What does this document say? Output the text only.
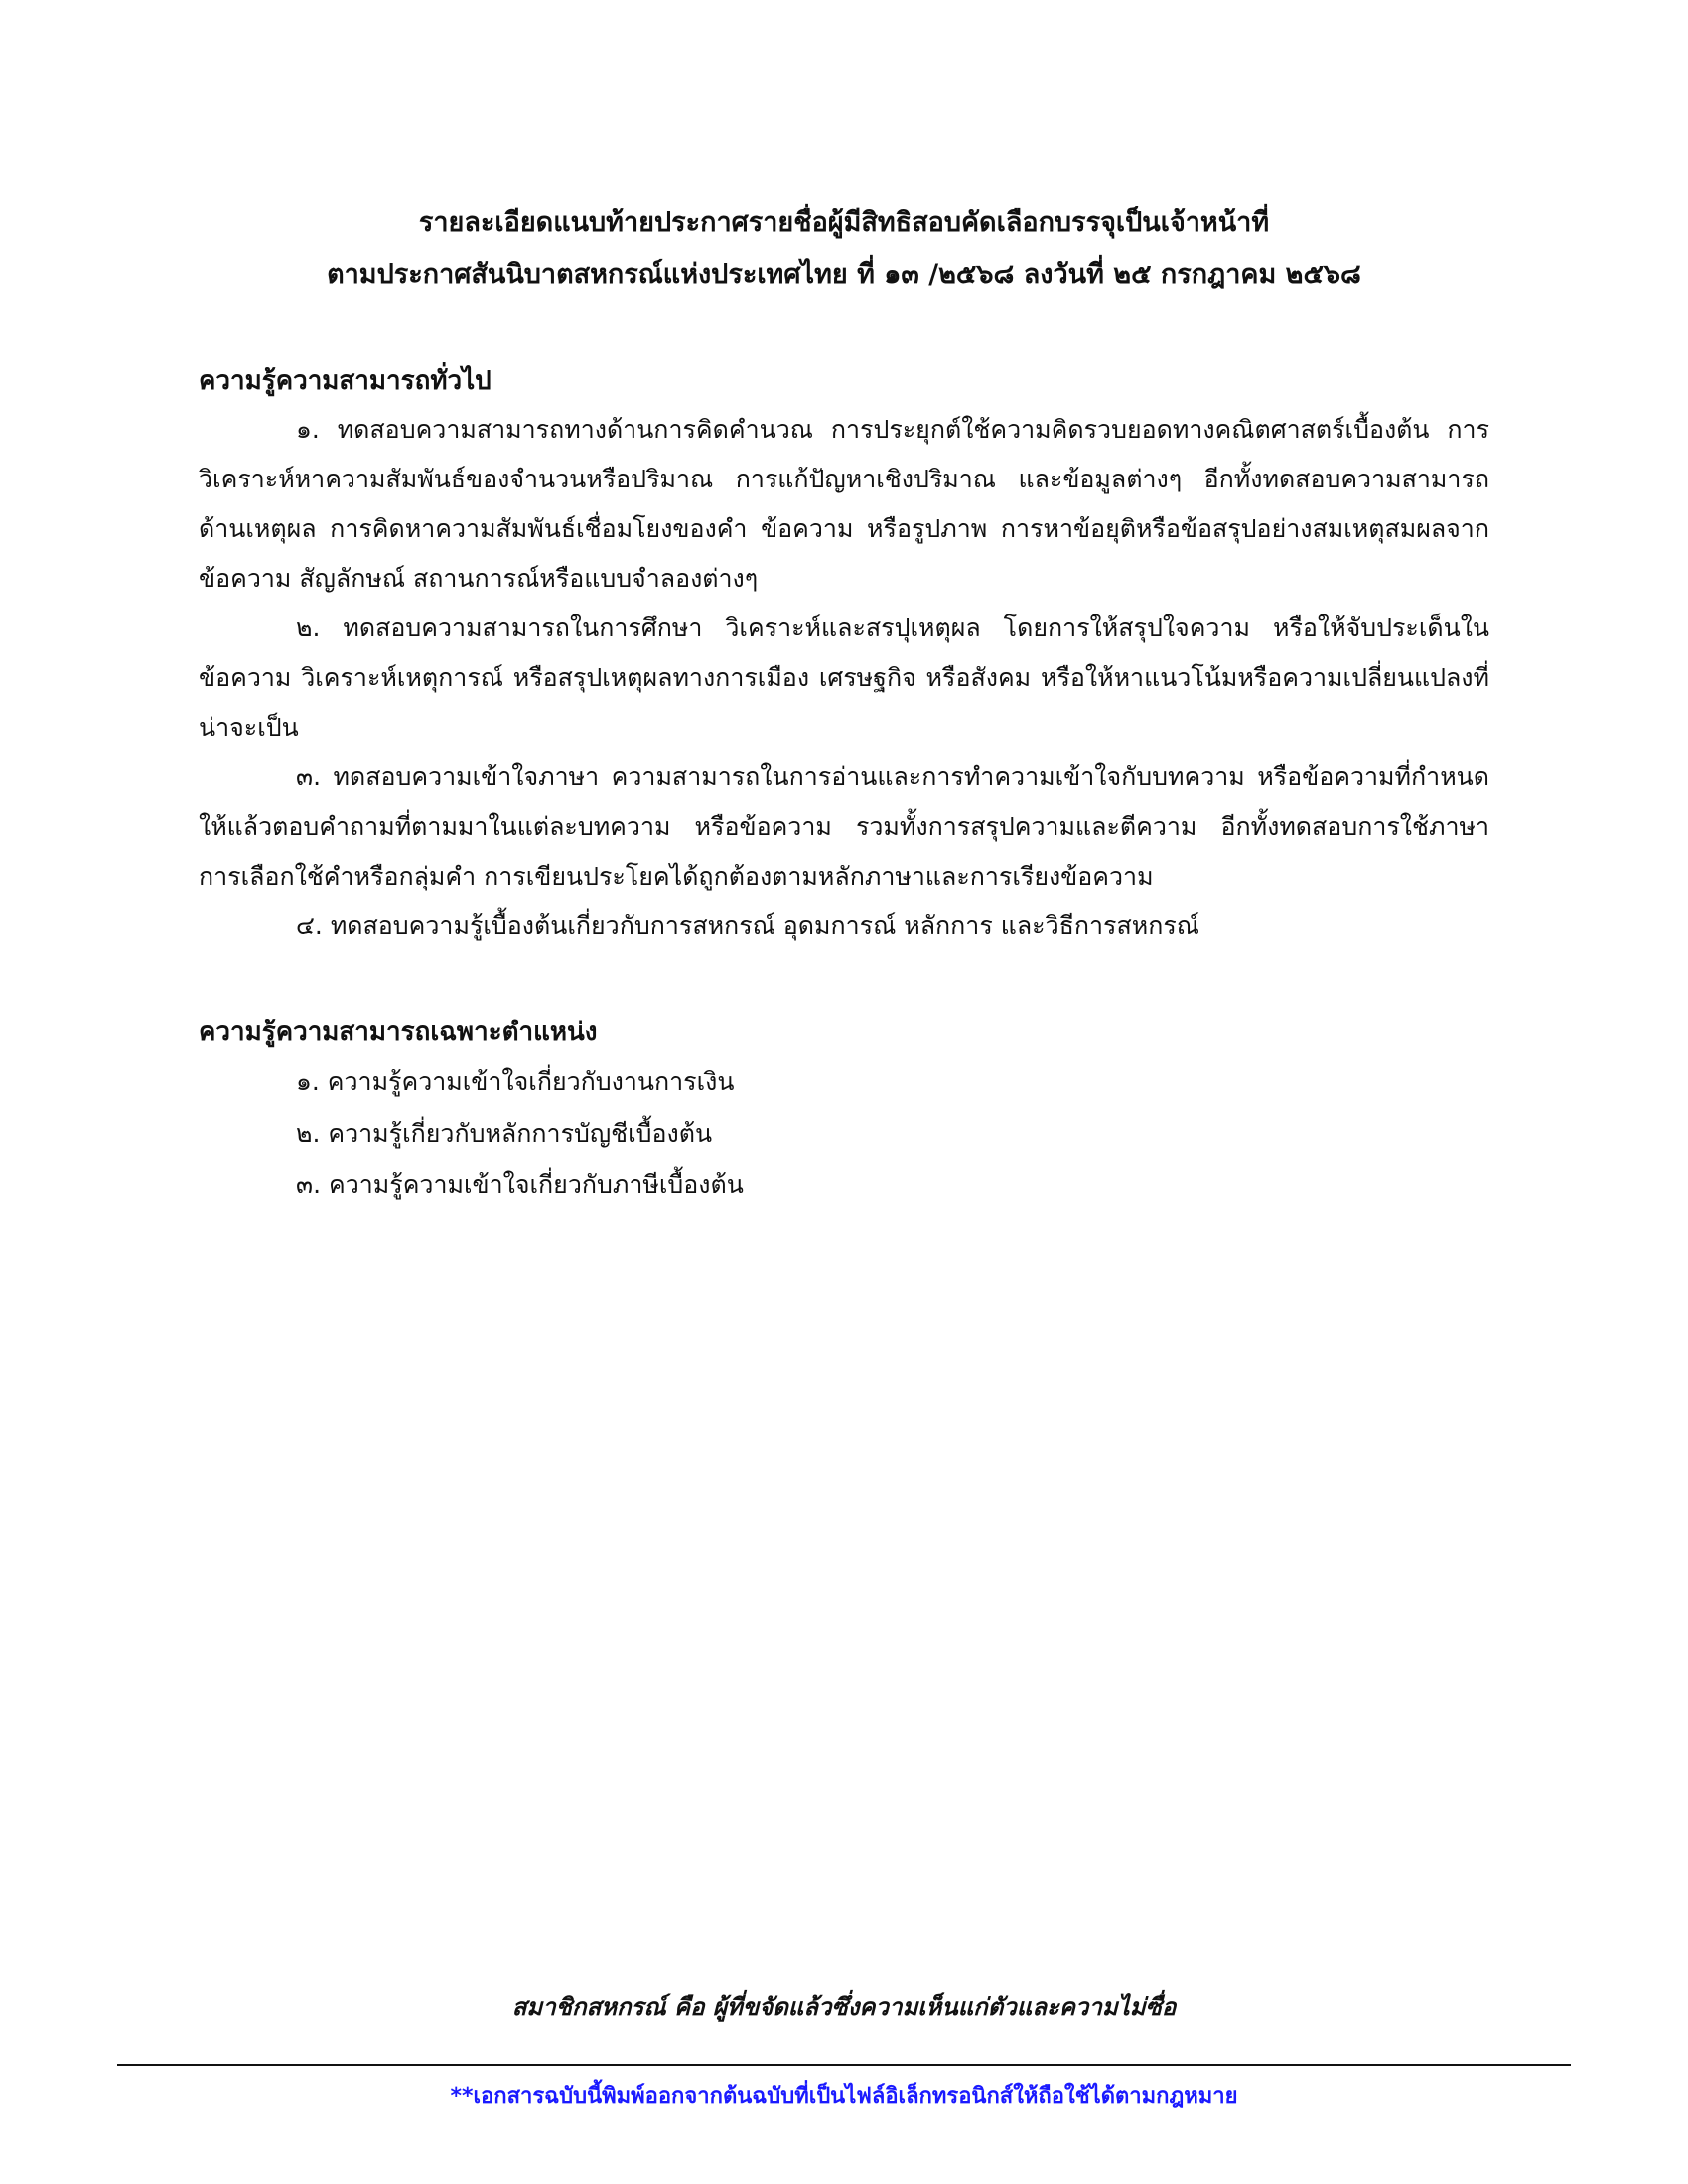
รายละเอียดแนบท้ายประกาศรายชื่อผู้มีสิทธิสอบคัดเลือกบรรจุเป็นเจ้าหน้าที่
ตามประกาศสันนิบาตสหกรณ์แห่งประเทศไทย ที่ ๑๓ /๒๕๖๘ ลงวันที่ ๒๕ กรกฎาคม ๒๕๖๘
ความรู้ความสามารถทั่วไป

๑. ทดสอบความสามารถทางด้านการคิดคำนวณ การประยุกต์ใช้ความคิดรวบยอดทางคณิตศาสตร์เบื้องต้น การวิเคราะห์หาความสัมพันธ์ของจำนวนหรือปริมาณ การแก้ปัญหาเชิงปริมาณ และข้อมูลต่างๆ อีกทั้งทดสอบความสามารถด้านเหตุผล การคิดหาความสัมพันธ์เชื่อมโยงของคำ ข้อความ หรือรูปภาพ การหาข้อยุติหรือข้อสรุปอย่างสมเหตุสมผลจากข้อความ สัญลักษณ์ สถานการณ์หรือแบบจำลองต่างๆ

๒. ทดสอบความสามารถในการศึกษา วิเคราะห์และสรปุเหตุผล โดยการให้สรุปใจความ หรือให้จับประเด็นในข้อความ วิเคราะห์เหตุการณ์ หรือสรุปเหตุผลทางการเมือง เศรษฐกิจ หรือสังคม หรือให้หาแนวโน้มหรือความเปลี่ยนแปลงที่น่าจะเป็น

๓. ทดสอบความเข้าใจภาษา ความสามารถในการอ่านและการทำความเข้าใจกับบทความ หรือข้อความที่กำหนดให้แล้วตอบคำถามที่ตามมาในแต่ละบทความ หรือข้อความ รวมทั้งการสรุปความและตีความ อีกทั้งทดสอบการใช้ภาษา การเลือกใช้คำหรือกลุ่มคำ การเขียนประโยคได้ถูกต้องตามหลักภาษาและการเรียงข้อความ

๔. ทดสอบความรู้เบื้องต้นเกี่ยวกับการสหกรณ์ อุดมการณ์ หลักการ และวิธีการสหกรณ์

ความรู้ความสามารถเฉพาะตำแหน่ง
๑. ความรู้ความเข้าใจเกี่ยวกับงานการเงิน
๒. ความรู้เกี่ยวกับหลักการบัญชีเบื้องต้น
๓. ความรู้ความเข้าใจเกี่ยวกับภาษีเบื้องต้น
สมาชิกสหกรณ์ คือ ผู้ที่ขจัดแล้วซึ่งความเห็นแก่ตัวและความไม่ซื่อ
**เอกสารฉบับนี้พิมพ์ออกจากต้นฉบับที่เป็นไฟล์อิเล็กทรอนิกส์ให้ถือใช้ได้ตามกฎหมาย
